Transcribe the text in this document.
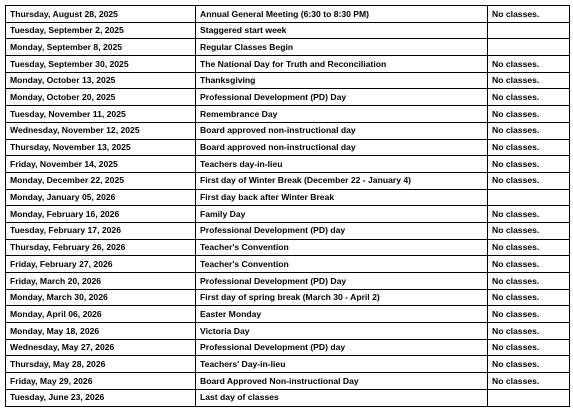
Thursday, August 28, 2025	Annual General Meeting (6:30 to 8:30 PM)	No classes.
Tuesday, September 2, 2025	Staggered start week	
Monday, September 8, 2025	Regular Classes Begin	
Tuesday, September 30, 2025	The National Day for Truth and Reconciliation	No classes.
Monday, October 13, 2025	Thanksgiving	No classes.
Monday, October 20, 2025	Professional Development (PD) Day	No classes.
Tuesday, November 11, 2025	Remembrance Day	No classes.
Wednesday, November 12, 2025	Board approved non-instructional day	No classes.
Thursday, November 13, 2025	Board approved non-instructional day	No classes.
Friday, November 14, 2025	Teachers day-in-lieu	No classes.
Monday, December 22, 2025	First day of Winter Break (December 22 - January 4)	No classes.
Monday, January 05, 2026	First day back after Winter Break	
Monday, February 16, 2026	Family Day	No classes.
Tuesday, February 17, 2026	Professional Development (PD) day	No classes.
Thursday, February 26, 2026	Teacher's Convention	No classes.
Friday, February 27, 2026	Teacher's Convention	No classes.
Friday, March 20, 2026	Professional Development (PD) Day	No classes.
Monday, March 30, 2026	First day of spring break (March 30 - April 2)	No classes.
Monday, April 06, 2026	Easter Monday	No classes.
Monday, May 18, 2026	Victoria Day	No classes.
Wednesday, May 27, 2026	Professional Development (PD) day	No classes.
Thursday, May 28, 2026	Teachers' Day-in-lieu	No classes.
Friday, May 29, 2026	Board Approved Non-instructional Day	No classes.
Tuesday, June 23, 2026	Last day of classes	
